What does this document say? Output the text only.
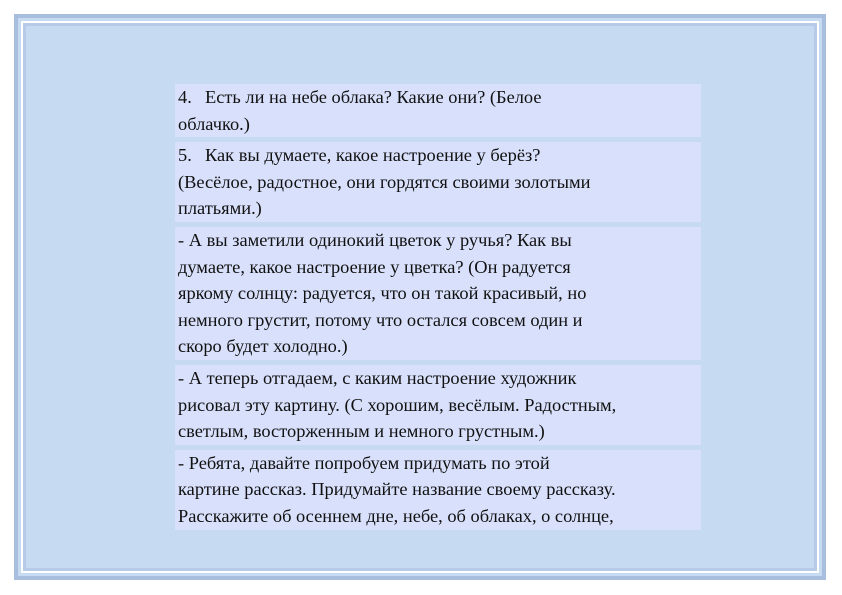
4. Есть ли на небе облака? Какие они? (Белое
облачко.)
5. Как вы думаете, какое настроение у берёз?
(Весёлое, радостное, они гордятся своими золотыми
платьями.)
- А вы заметили одинокий цветок у ручья? Как вы
думаете, какое настроение у цветка? (Он радуется
яркому солнцу: радуется, что он такой красивый, но
немного грустит, потому что остался совсем один и
скоро будет холодно.)
- А теперь отгадаем, с каким настроение художник
рисовал эту картину. (С хорошим, весёлым. Радостным,
светлым, восторженным и немного грустным.)
- Ребята, давайте попробуем придумать по этой
картине рассказ. Придумайте название своему рассказу.
Расскажите об осеннем дне, небе, об облаках, о солнце,
